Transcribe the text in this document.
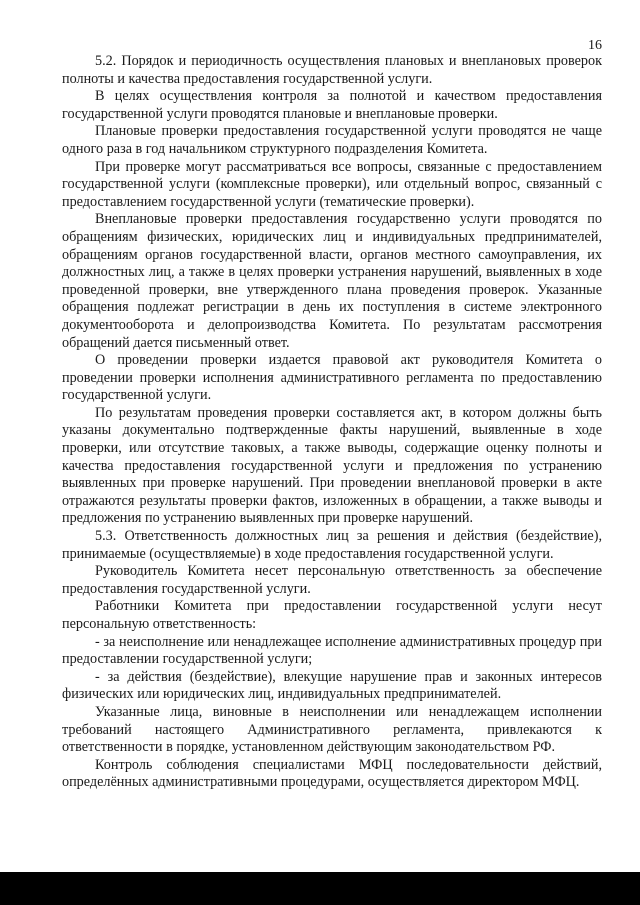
16

5.2. Порядок и периодичность осуществления плановых и внеплановых проверок полноты и качества предоставления государственной услуги.

В целях осуществления контроля за полнотой и качеством предоставления государственной услуги проводятся плановые и внеплановые проверки.

Плановые проверки предоставления государственной услуги проводятся не чаще одного раза в год начальником структурного подразделения Комитета.

При проверке могут рассматриваться все вопросы, связанные с предоставлением государственной услуги (комплексные проверки), или отдельный вопрос, связанный с предоставлением государственной услуги (тематические проверки).

Внеплановые проверки предоставления государственно услуги проводятся по обращениям физических, юридических лиц и индивидуальных предпринимателей, обращениям органов государственной власти, органов местного самоуправления, их должностных лиц, а также в целях проверки устранения нарушений, выявленных в ходе проведенной проверки, вне утвержденного плана проведения проверок. Указанные обращения подлежат регистрации в день их поступления в системе электронного документооборота и делопроизводства Комитета. По результатам рассмотрения обращений дается письменный ответ.

О проведении проверки издается правовой акт руководителя Комитета о проведении проверки исполнения административного регламента по предоставлению государственной услуги.

По результатам проведения проверки составляется акт, в котором должны быть указаны документально подтвержденные факты нарушений, выявленные в ходе проверки, или отсутствие таковых, а также выводы, содержащие оценку полноты и качества предоставления государственной услуги и предложения по устранению выявленных при проверке нарушений. При проведении внеплановой проверки в акте отражаются результаты проверки фактов, изложенных в обращении, а также выводы и предложения по устранению выявленных при проверке нарушений.

5.3. Ответственность должностных лиц за решения и действия (бездействие), принимаемые (осуществляемые) в ходе предоставления государственной услуги.

Руководитель Комитета несет персональную ответственность за обеспечение предоставления государственной услуги.

Работники Комитета при предоставлении государственной услуги несут персональную ответственность:

- за неисполнение или ненадлежащее исполнение административных процедур при предоставлении государственной услуги;

- за действия (бездействие), влекущие нарушение прав и законных интересов физических или юридических лиц, индивидуальных предпринимателей.

Указанные лица, виновные в неисполнении или ненадлежащем исполнении требований настоящего Административного регламента, привлекаются к ответственности в порядке, установленном действующим законодательством РФ.

Контроль соблюдения специалистами МФЦ последовательности действий, определённых административными процедурами, осуществляется директором МФЦ.
